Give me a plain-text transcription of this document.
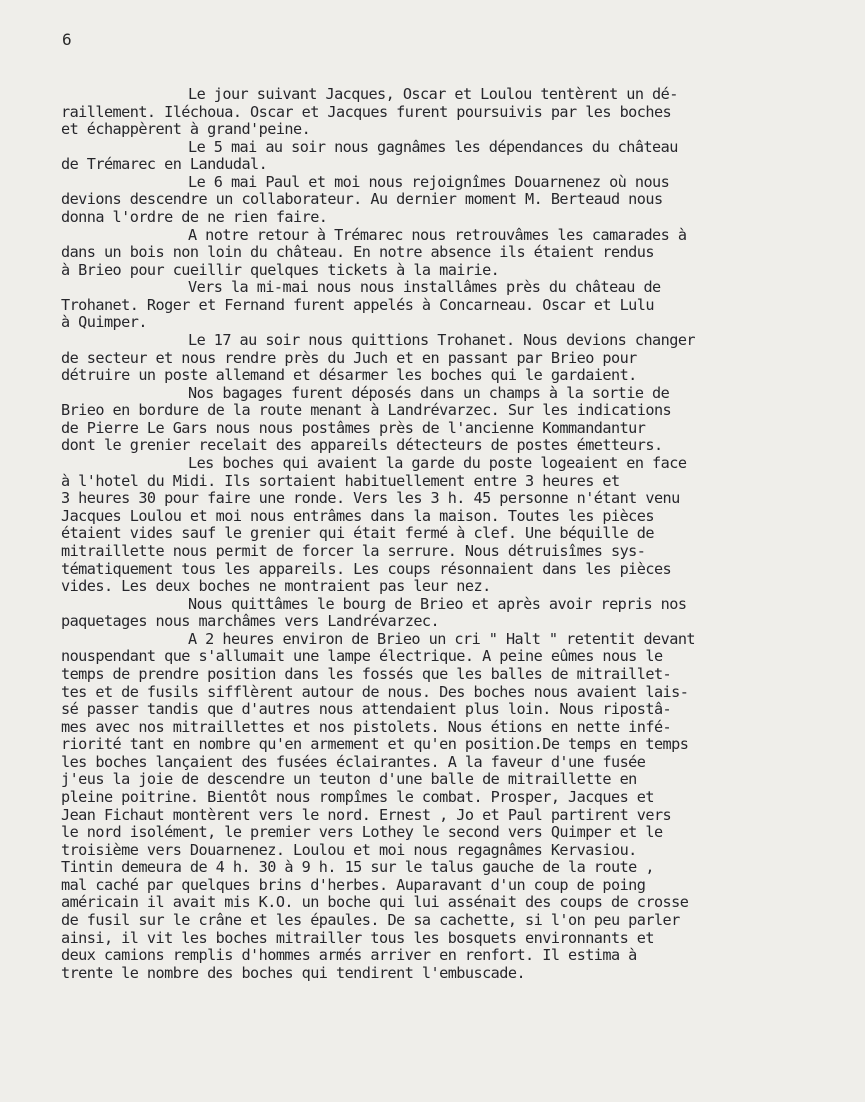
6
Le jour suivant Jacques, Oscar et Loulou tentèrent un dé-
raillement. Iléchoua. Oscar et Jacques furent poursuivis par les boches
et échappèrent à grand'peine.
Le 5 mai au soir nous gagnâmes les dépendances du château
de Trémarec en Landudal.
Le 6 mai Paul et moi nous rejoignîmes Douarnenez où nous
devions descendre un collaborateur. Au dernier moment M. Berteaud nous
donna l'ordre de ne rien faire.
A notre retour à Trémarec nous retrouvâmes les camarades à
dans un bois non loin du château. En notre absence ils étaient rendus
à Brieo pour cueillir quelques tickets à la mairie.
Vers la mi-mai nous nous installâmes près du château de
Trohanet. Roger et Fernand furent appelés à Concarneau. Oscar et Lulu
à Quimper.
Le 17 au soir nous quittions Trohanet. Nous devions changer
de secteur et nous rendre près du Juch et en passant par Brieo pour
détruire un poste allemand et désarmer les boches qui le gardaient.
Nos bagages furent déposés dans un champs à la sortie de
Brieo en bordure de la route menant à Landrévarzec. Sur les indications
de Pierre Le Gars nous nous postâmes près de l'ancienne Kommandantur
dont le grenier recelait des appareils détecteurs de postes émetteurs.
Les boches qui avaient la garde du poste logeaient en face
à l'hotel du Midi. Ils sortaient habituellement entre 3 heures et
3 heures 30 pour faire une ronde. Vers les 3 h. 45 personne n'étant venu
Jacques Loulou et moi nous entrâmes dans la maison. Toutes les pièces
étaient vides sauf le grenier qui était fermé à clef. Une béquille de
mitraillette nous permit de forcer la serrure. Nous détruisîmes sys-
tématiquement tous les appareils. Les coups résonnaient dans les pièces
vides. Les deux boches ne montraient pas leur nez.
Nous quittâmes le bourg de Brieo et après avoir repris nos
paquetages nous marchâmes vers Landrévarzec.
A 2 heures environ de Brieo un cri " Halt " retentit devant
nouspendant que s'allumait une lampe électrique. A peine eûmes nous le
temps de prendre position dans les fossés que les balles de mitraillet-
tes et de fusils sifflèrent autour de nous. Des boches nous avaient lais-
sé passer tandis que d'autres nous attendaient plus loin. Nous ripostâ-
mes avec nos mitraillettes et nos pistolets. Nous étions en nette infé-
riorité tant en nombre qu'en armement et qu'en position.De temps en temps
les boches lançaient des fusées éclairantes. A la faveur d'une fusée
j'eus la joie de descendre un teuton d'une balle de mitraillette en
pleine poitrine. Bientôt nous rompîmes le combat. Prosper, Jacques et
Jean Fichaut montèrent vers le nord. Ernest , Jo et Paul partirent vers
le nord isolément, le premier vers Lothey le second vers Quimper et le
troisième vers Douarnenez. Loulou et moi nous regagnâmes Kervasiou.
Tintin demeura de 4 h. 30 à 9 h. 15 sur le talus gauche de la route ,
mal caché par quelques brins d'herbes. Auparavant d'un coup de poing
américain il avait mis K.O. un boche qui lui assénait des coups de crosse
de fusil sur le crâne et les épaules. De sa cachette, si l'on peu parler
ainsi, il vit les boches mitrailler tous les bosquets environnants et
deux camions remplis d'hommes armés arriver en renfort. Il estima à
trente le nombre des boches qui tendirent l'embuscade.
